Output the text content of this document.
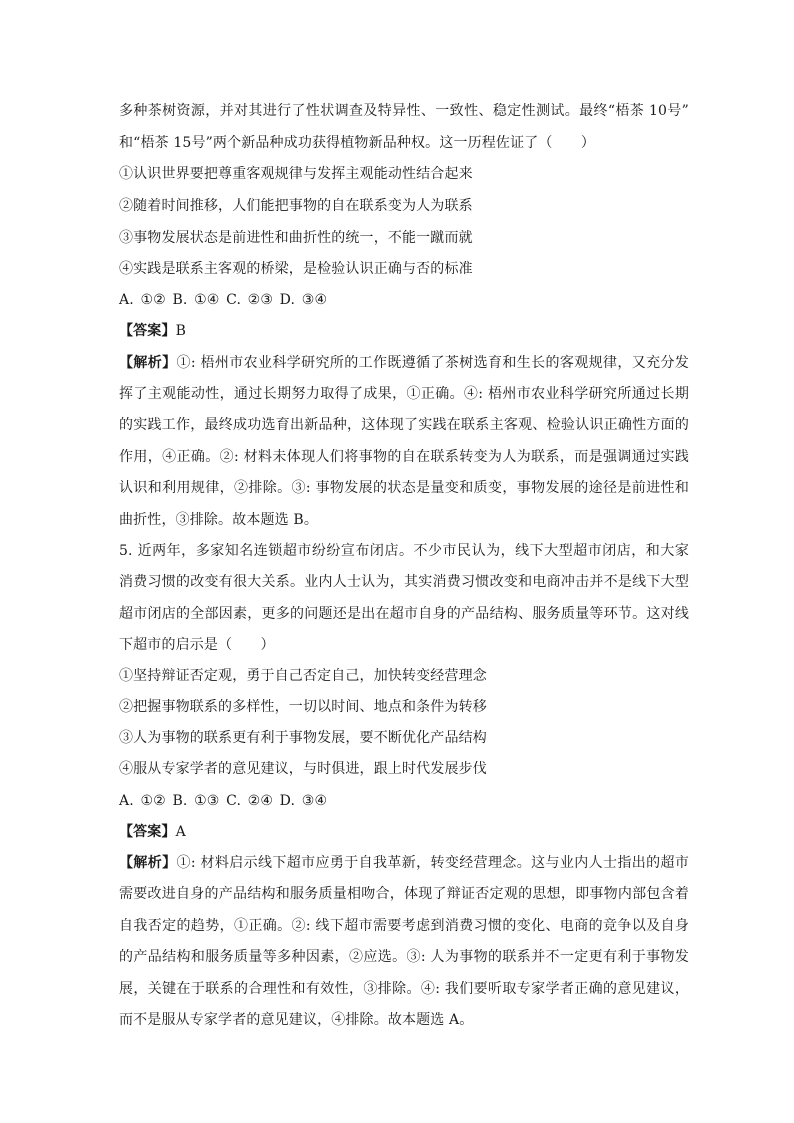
多种茶树资源，并对其进行了性状调查及特异性、一致性、稳定性测试。最终“梧茶 10号”
和“梧茶 15号”两个新品种成功获得植物新品种权。这一历程佐证了（　　）
①认识世界要把尊重客观规律与发挥主观能动性结合起来
②随着时间推移，人们能把事物的自在联系变为人为联系
③事物发展状态是前进性和曲折性的统一，不能一蹴而就
④实践是联系主客观的桥梁，是检验认识正确与否的标准
A. ①② B. ①④ C. ②③ D. ③④
【答案】B
【解析】①: 梧州市农业科学研究所的工作既遵循了茶树选育和生长的客观规律，又充分发
挥了主观能动性，通过长期努力取得了成果，①正确。④: 梧州市农业科学研究所通过长期
的实践工作，最终成功选育出新品种，这体现了实践在联系主客观、检验认识正确性方面的
作用，④正确。②: 材料未体现人们将事物的自在联系转变为人为联系，而是强调通过实践
认识和利用规律，②排除。③: 事物发展的状态是量变和质变，事物发展的途径是前进性和
曲折性，③排除。故本题选 B。
5. 近两年，多家知名连锁超市纷纷宣布闭店。不少市民认为，线下大型超市闭店，和大家
消费习惯的改变有很大关系。业内人士认为，其实消费习惯改变和电商冲击并不是线下大型
超市闭店的全部因素，更多的问题还是出在超市自身的产品结构、服务质量等环节。这对线
下超市的启示是（　　）
①坚持辩证否定观，勇于自己否定自己，加快转变经营理念
②把握事物联系的多样性，一切以时间、地点和条件为转移
③人为事物的联系更有利于事物发展，要不断优化产品结构
④服从专家学者的意见建议，与时俱进，跟上时代发展步伐
A. ①② B. ①③ C. ②④ D. ③④
【答案】A
【解析】①: 材料启示线下超市应勇于自我革新，转变经营理念。这与业内人士指出的超市
需要改进自身的产品结构和服务质量相吻合，体现了辩证否定观的思想，即事物内部包含着
自我否定的趋势，①正确。②: 线下超市需要考虑到消费习惯的变化、电商的竞争以及自身
的产品结构和服务质量等多种因素，②应选。③: 人为事物的联系并不一定更有利于事物发
展，关键在于联系的合理性和有效性，③排除。④: 我们要听取专家学者正确的意见建议，
而不是服从专家学者的意见建议，④排除。故本题选 A。
